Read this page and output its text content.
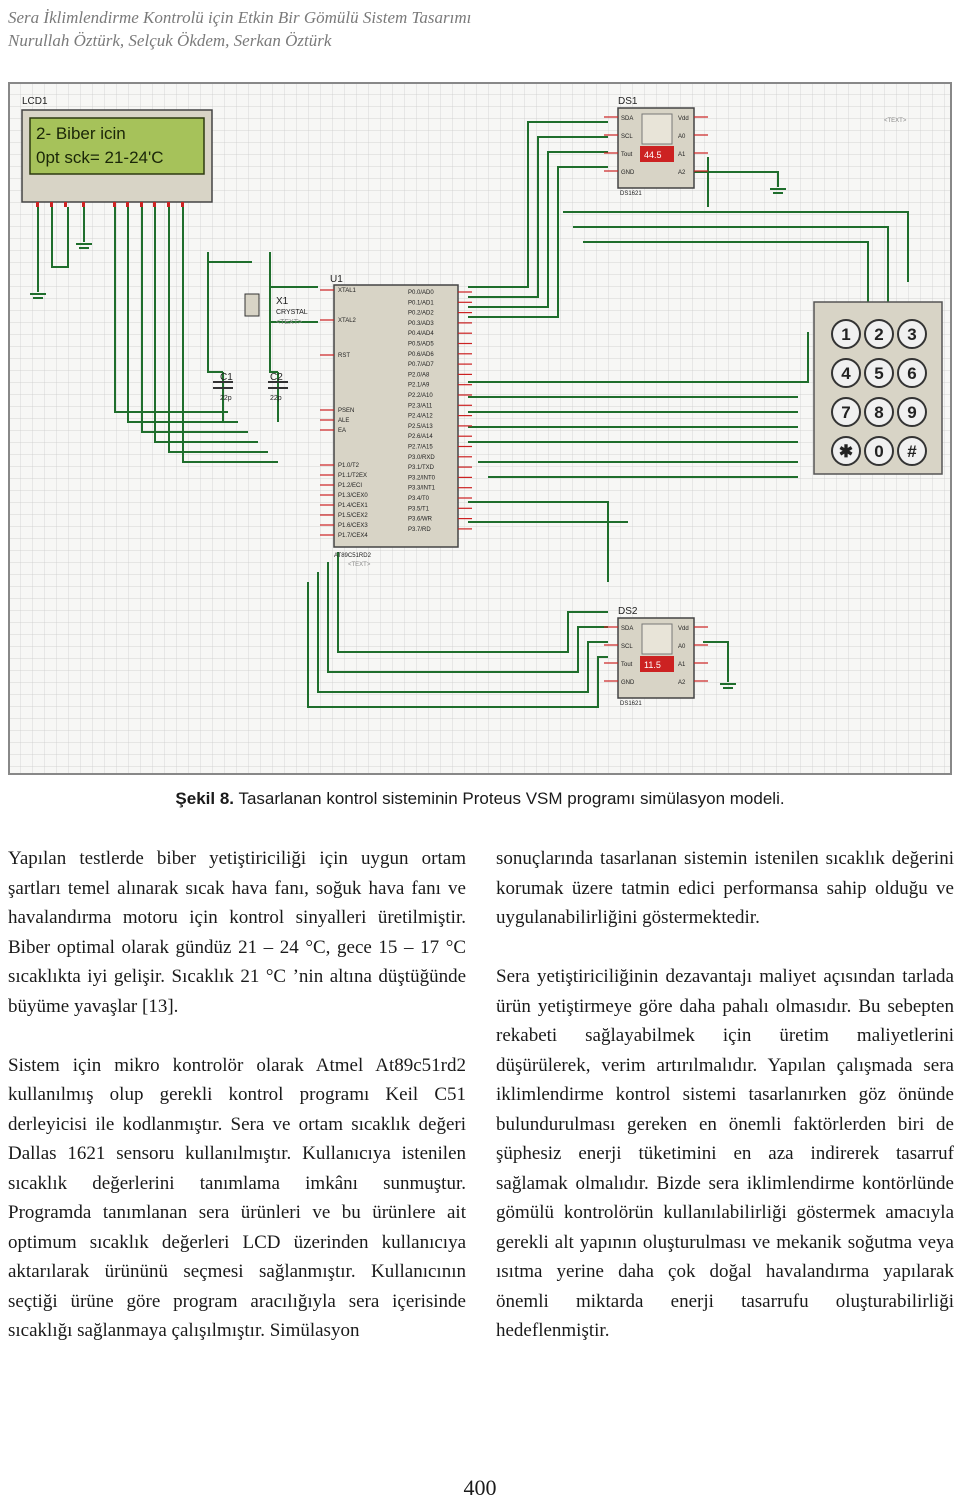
Sera İklimlendirme Kontrolü için Etkin Bir Gömülü Sistem Tasarımı
Nurullah Öztürk, Selçuk Ökdem, Serkan Öztürk
LCD1
2- Biber icin
0pt sck= 21-24'C
X1
CRYSTAL
<TEXT>
C1	C2
22p	22p
U1
XTAL1
XTAL2
RST
PSEN
ALE
EA
P1.0/T2
P1.1/T2EX
P1.2/ECI
P1.3/CEX0
P1.4/CEX1
P1.5/CEX2
P1.6/CEX3
P1.7/CEX4
P0.0/AD0
P0.1/AD1
P0.2/AD2
P0.3/AD3
P0.4/AD4
P0.5/AD5
P0.6/AD6
P0.7/AD7
P2.0/A8
P2.1/A9
P2.2/A10
P2.3/A11
P2.4/A12
P2.5/A13
P2.6/A14
P2.7/A15
P3.0/RXD
P3.1/TXD
P3.2/INT0
P3.3/INT1
P3.4/T0
P3.5/T1
P3.6/WR
P3.7/RD
AT89C51RD2
<TEXT>
DS1
44.5
SDA
SCL
Tout
GND
Vdd
A0
A1
A2
DS1621
<TEXT>
DS2
11.5
SDA
SCL
Tout
GND
Vdd
A0
A1
A2
DS1621
1 2 3
4 5 6
7 8 9
✱ 0 #
Şekil 8. Tasarlanan kontrol sisteminin Proteus VSM programı simülasyon modeli.

Yapılan testlerde biber yetiştiriciliği için uygun ortam şartları temel alınarak sıcak hava fanı, soğuk hava fanı ve havalandırma motoru için kontrol sinyalleri üretilmiştir. Biber optimal olarak gündüz 21 – 24 °C, gece 15 – 17 °C sıcaklıkta iyi gelişir. Sıcaklık 21 °C ’nin altına düştüğünde büyüme yavaşlar [13].

Sistem için mikro kontrolör olarak Atmel At89c51rd2 kullanılmış olup gerekli kontrol programı Keil C51 derleyicisi ile kodlanmıştır. Sera ve ortam sıcaklık değeri Dallas 1621 sensoru kullanılmıştır. Kullanıcıya istenilen sıcaklık değerlerini tanımlama imkânı sunmuştur. Programda tanımlanan sera ürünleri ve bu ürünlere ait optimum sıcaklık değerleri LCD üzerinden kullanıcıya aktarılarak ürününü seçmesi sağlanmıştır. Kullanıcının seçtiği ürüne göre program aracılığıyla sera içerisinde sıcaklığı sağlanmaya çalışılmıştır. Simülasyon

sonuçlarında tasarlanan sistemin istenilen sıcaklık değerini korumak üzere tatmin edici performansa sahip olduğu ve uygulanabilirliğini göstermektedir.

Sera yetiştiriciliğinin dezavantajı maliyet açısından tarlada ürün yetiştirmeye göre daha pahalı olmasıdır. Bu sebepten rekabeti sağlayabilmek için üretim maliyetlerini düşürülerek, verim artırılmalıdır. Yapılan çalışmada sera iklimlendirme kontrol sistemi tasarlanırken göz önünde bulundurulması gereken en önemli faktörlerden biri de şüphesiz enerji tüketimini en aza indirerek tasarruf sağlamak olmalıdır. Bizde sera iklimlendirme kontörlünde gömülü kontrolörün kullanılabilirliği göstermek amacıyla gerekli alt yapının oluşturulması ve mekanik soğutma veya ısıtma yerine daha çok doğal havalandırma yapılarak önemli miktarda enerji tasarrufu oluşturabilirliği hedeflenmiştir.

400
